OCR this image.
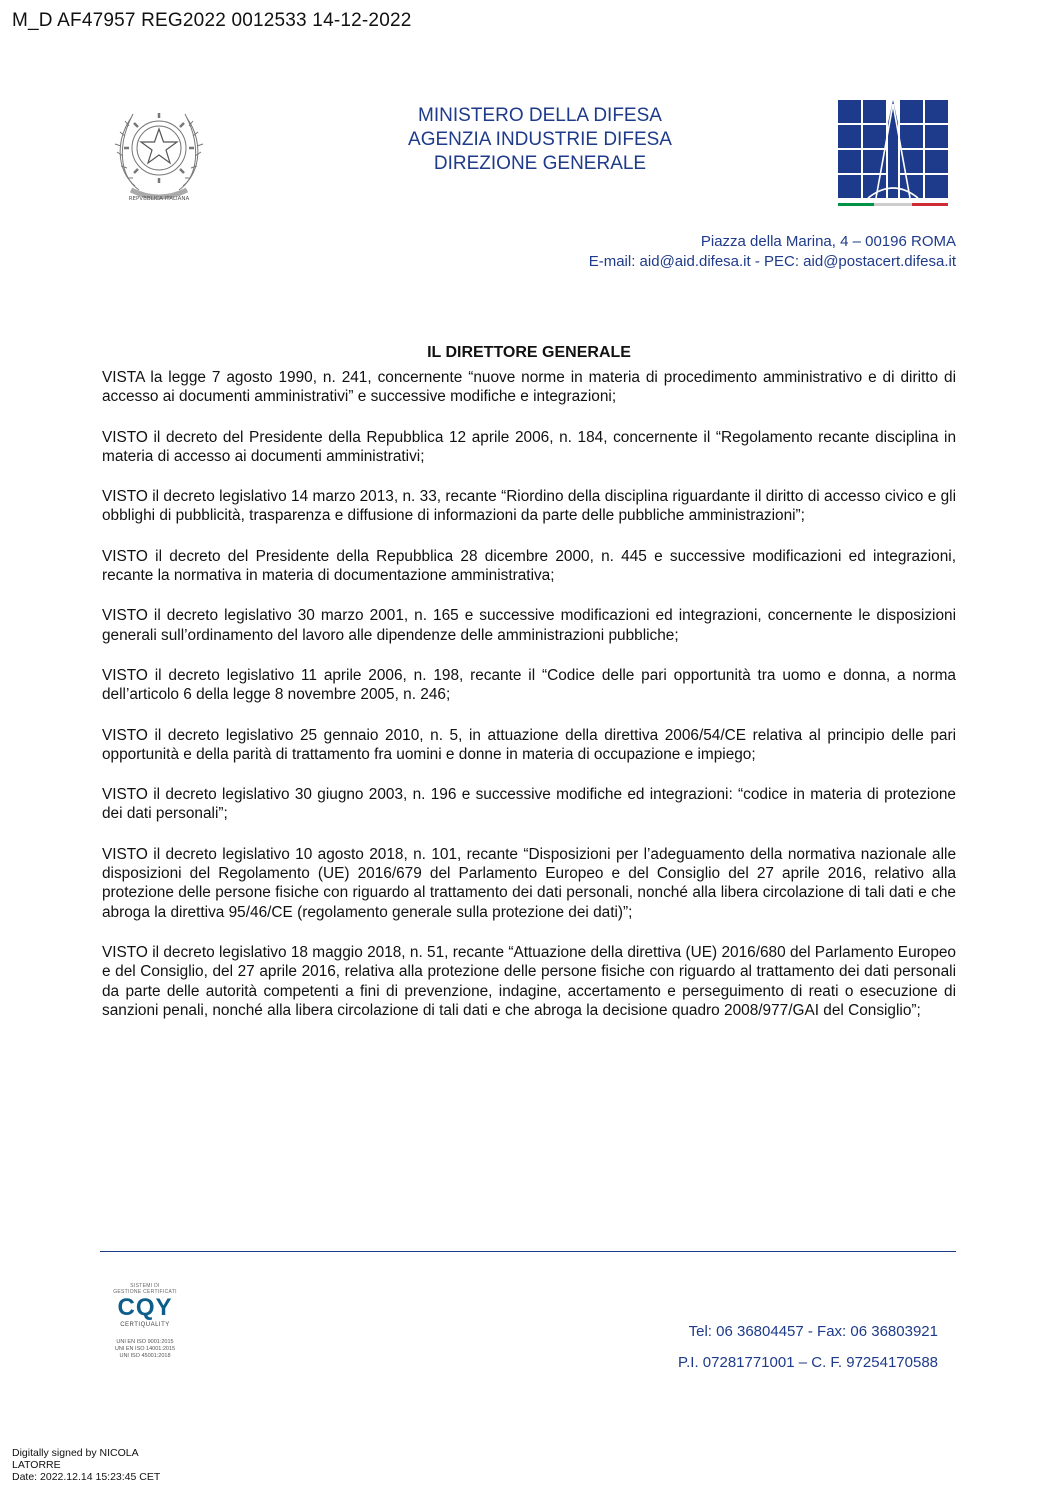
M_D AF47957 REG2022 0012533 14-12-2022
REPVBBLICA ITALIANA
MINISTERO DELLA DIFESA
AGENZIA INDUSTRIE DIFESA
DIREZIONE GENERALE
Piazza della Marina, 4 – 00196 ROMA
E-mail: aid@aid.difesa.it - PEC: aid@postacert.difesa.it
IL DIRETTORE GENERALE

VISTA la legge 7 agosto 1990, n. 241, concernente “nuove norme in materia di procedimento amministrativo e di diritto di accesso ai documenti amministrativi” e successive modifiche e integrazioni;

VISTO il decreto del Presidente della Repubblica 12 aprile 2006, n. 184, concernente il “Regolamento recante disciplina in materia di accesso ai documenti amministrativi;

VISTO il decreto legislativo 14 marzo 2013, n. 33, recante “Riordino della disciplina riguardante il diritto di accesso civico e gli obblighi di pubblicità, trasparenza e diffusione di informazioni da parte delle pubbliche amministrazioni”;

VISTO il decreto del Presidente della Repubblica 28 dicembre 2000, n. 445 e successive modificazioni ed integrazioni, recante la normativa in materia di documentazione amministrativa;

VISTO il decreto legislativo 30 marzo 2001, n. 165 e successive modificazioni ed integrazioni, concernente le disposizioni generali sull’ordinamento del lavoro alle dipendenze delle amministrazioni pubbliche;

VISTO il decreto legislativo 11 aprile 2006, n. 198, recante il “Codice delle pari opportunità tra uomo e donna, a norma dell’articolo 6 della legge 8 novembre 2005, n. 246;

VISTO il decreto legislativo 25 gennaio 2010, n. 5, in attuazione della direttiva 2006/54/CE relativa al principio delle pari opportunità e della parità di trattamento fra uomini e donne in materia di occupazione e impiego;

VISTO il decreto legislativo 30 giugno 2003, n. 196 e successive modifiche ed integrazioni: “codice in materia di protezione dei dati personali”;

VISTO il decreto legislativo 10 agosto 2018, n. 101, recante “Disposizioni per l’adeguamento della normativa nazionale alle disposizioni del Regolamento (UE) 2016/679 del Parlamento Europeo e del Consiglio del 27 aprile 2016, relativo alla protezione delle persone fisiche con riguardo al trattamento dei dati personali, nonché alla libera circolazione di tali dati e che abroga la direttiva 95/46/CE (regolamento generale sulla protezione dei dati)”;

VISTO il decreto legislativo 18 maggio 2018, n. 51, recante “Attuazione della direttiva (UE) 2016/680 del Parlamento Europeo e del Consiglio, del 27 aprile 2016, relativa alla protezione delle persone fisiche con riguardo al trattamento dei dati personali da parte delle autorità competenti a fini di prevenzione, indagine, accertamento e perseguimento di reati o esecuzione di sanzioni penali, nonché alla libera circolazione di tali dati e che abroga la decisione quadro 2008/977/GAI del Consiglio”;

SISTEMI DI
GESTIONE CERTIFICATI
CQY
CERTIQUALITY
UNI EN ISO 9001:2015
UNI EN ISO 14001:2015
UNI ISO 45001:2018
Tel: 06 36804457 - Fax: 06 36803921
P.I. 07281771001 – C. F. 97254170588
Digitally signed by NICOLA
LATORRE
Date: 2022.12.14 15:23:45 CET
